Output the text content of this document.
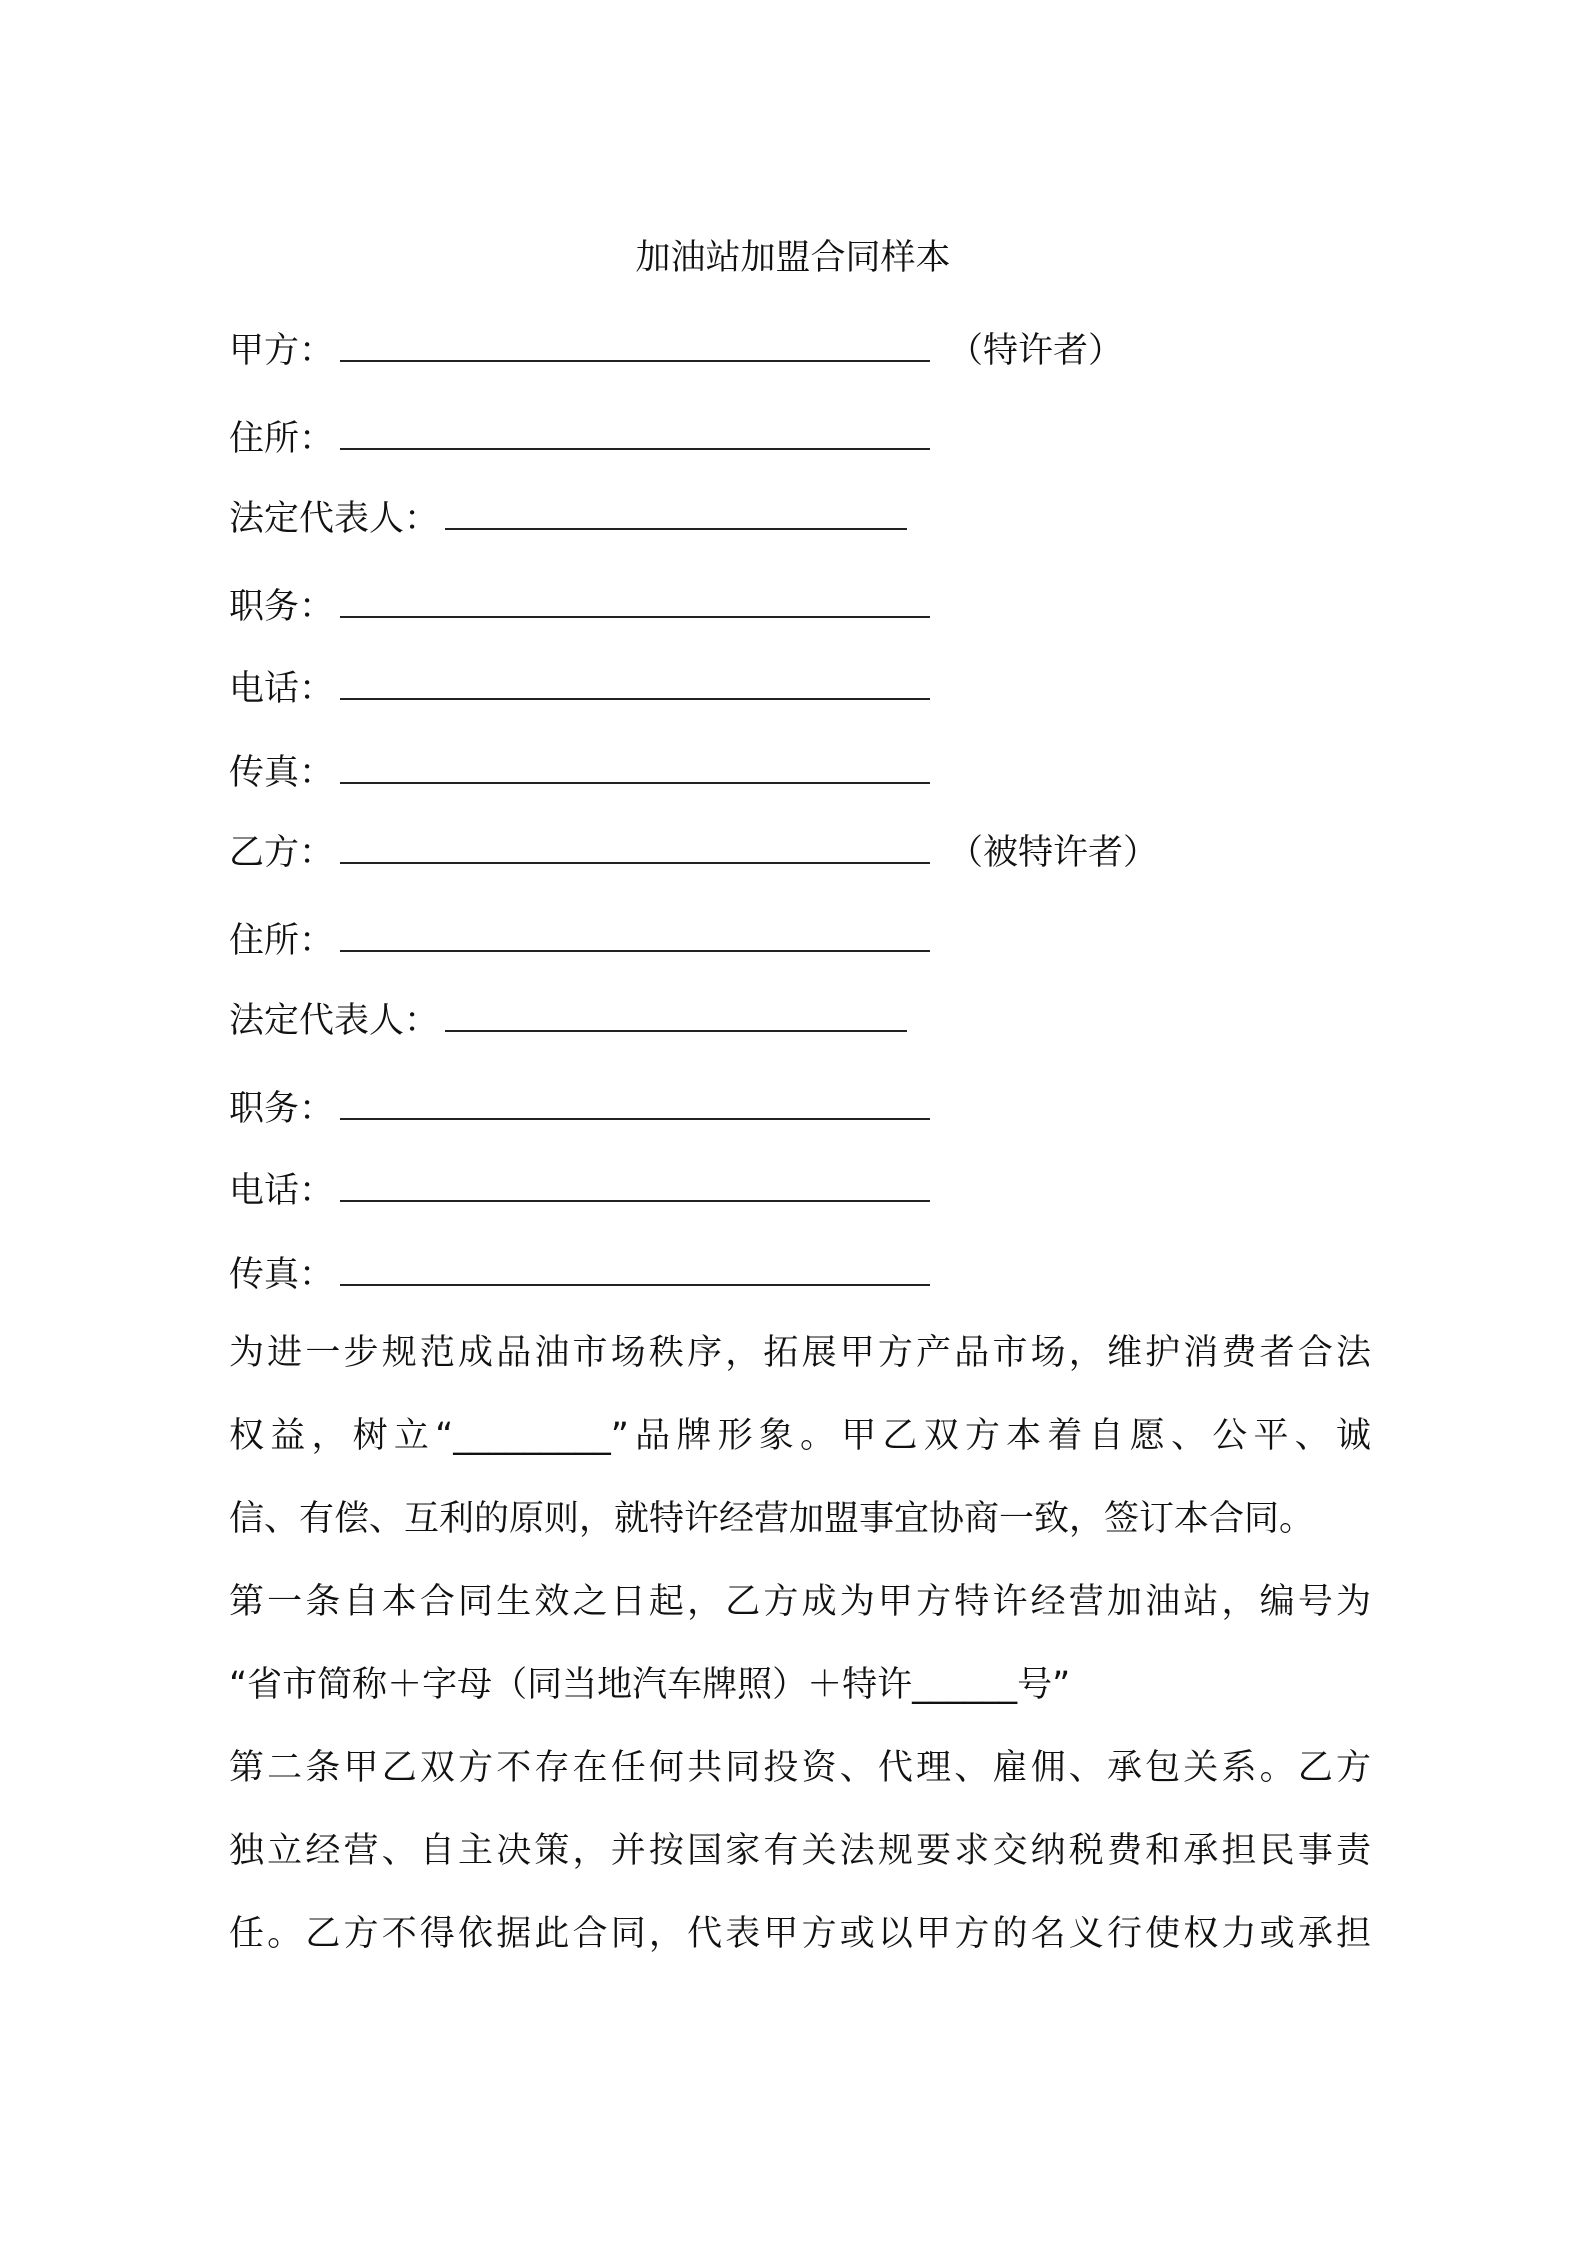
加油站加盟合同样本
甲方：	（特许者）
住所：
法定代表人：
职务：
电话：
传真：
乙方：	（被特许者）
住所：
法定代表人：
职务：
电话：
传真：
为进一步规范成品油市场秩序，拓展甲方产品市场，维护消费者合法
权益，树立“_________”品牌形象。甲乙双方本着自愿、公平、诚
信、有偿、互利的原则，就特许经营加盟事宜协商一致，签订本合同。
第一条自本合同生效之日起，乙方成为甲方特许经营加油站，编号为
“省市简称＋字母（同当地汽车牌照）＋特许______号”
第二条甲乙双方不存在任何共同投资、代理、雇佣、承包关系。乙方
独立经营、自主决策，并按国家有关法规要求交纳税费和承担民事责
任。乙方不得依据此合同，代表甲方或以甲方的名义行使权力或承担
